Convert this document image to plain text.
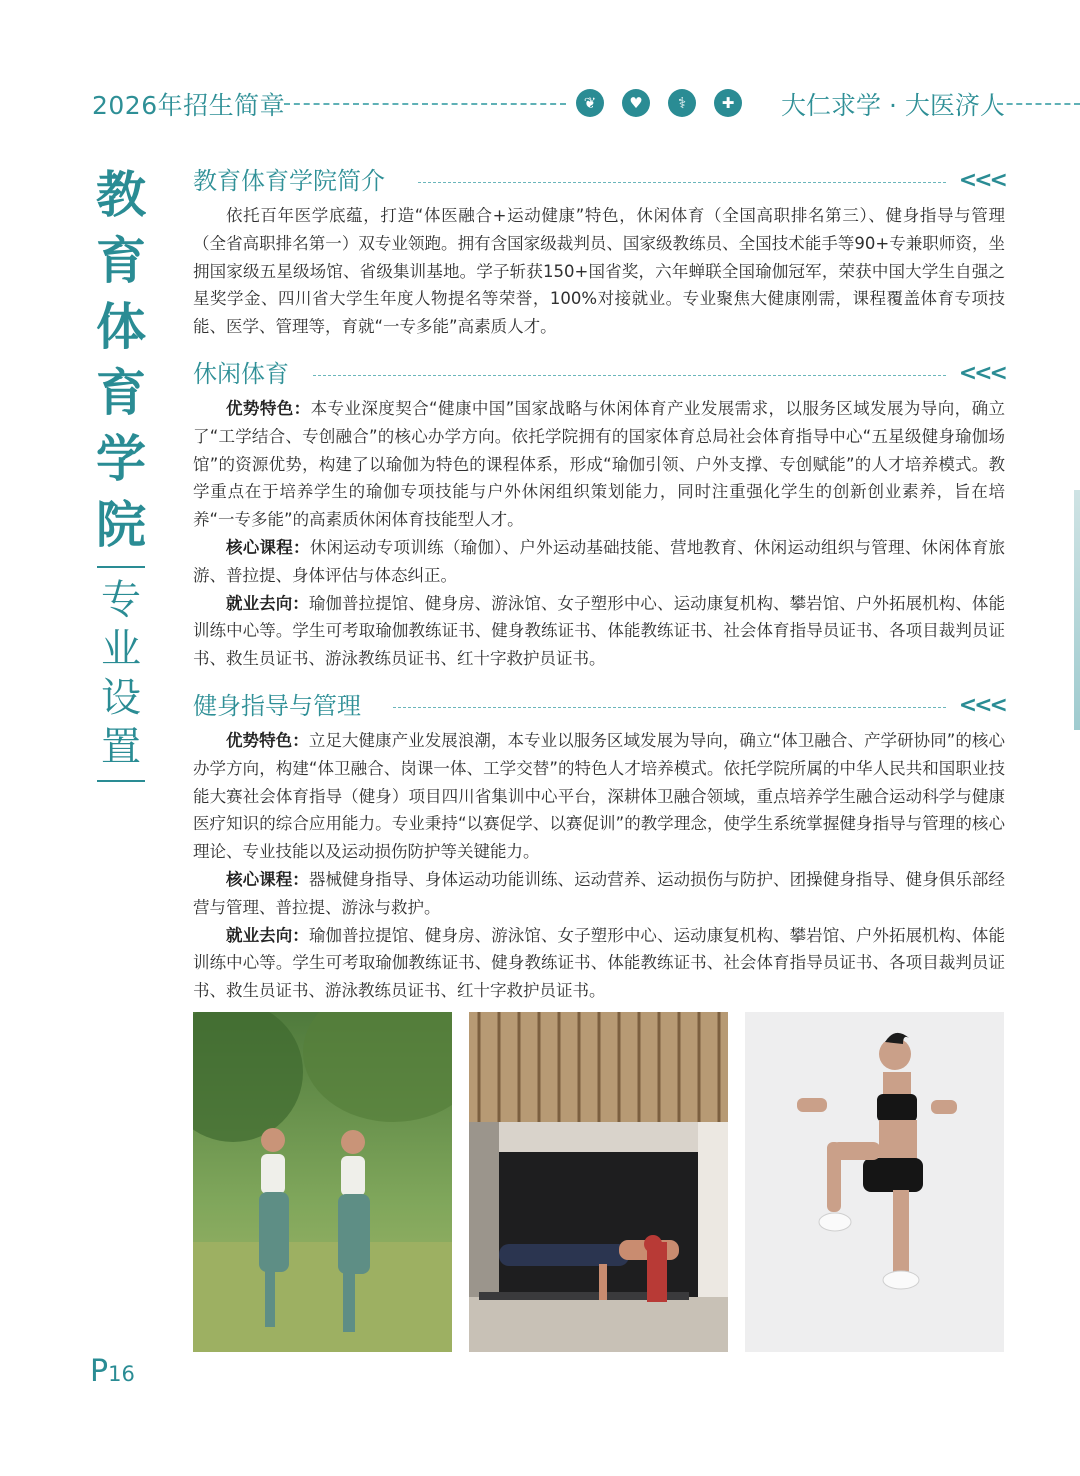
2026年招生简章	❦	♥	⚕	✚	大仁求学 · 大医济人
教育体育学院
专业设置
教育体育学院简介	<<<

依托百年医学底蕴，打造“体医融合+运动健康”特色，休闲体育（全国高职排名第三）、健身指导与管理（全省高职排名第一）双专业领跑。拥有含国家级裁判员、国家级教练员、全国技术能手等90+专兼职师资，坐拥国家级五星级场馆、省级集训基地。学子斩获150+国省奖，六年蝉联全国瑜伽冠军，荣获中国大学生自强之星奖学金、四川省大学生年度人物提名等荣誉，100%对接就业。专业聚焦大健康刚需，课程覆盖体育专项技能、医学、管理等，育就“一专多能”高素质人才。

休闲体育	<<<

优势特色：本专业深度契合“健康中国”国家战略与休闲体育产业发展需求，以服务区域发展为导向，确立了“工学结合、专创融合”的核心办学方向。依托学院拥有的国家体育总局社会体育指导中心“五星级健身瑜伽场馆”的资源优势，构建了以瑜伽为特色的课程体系，形成“瑜伽引领、户外支撑、专创赋能”的人才培养模式。教学重点在于培养学生的瑜伽专项技能与户外休闲组织策划能力，同时注重强化学生的创新创业素养，旨在培养“一专多能”的高素质休闲体育技能型人才。

核心课程：休闲运动专项训练（瑜伽）、户外运动基础技能、营地教育、休闲运动组织与管理、休闲体育旅游、普拉提、身体评估与体态纠正。

就业去向：瑜伽普拉提馆、健身房、游泳馆、女子塑形中心、运动康复机构、攀岩馆、户外拓展机构、体能训练中心等。学生可考取瑜伽教练证书、健身教练证书、体能教练证书、社会体育指导员证书、各项目裁判员证书、救生员证书、游泳教练员证书、红十字救护员证书。

健身指导与管理	<<<

优势特色：立足大健康产业发展浪潮，本专业以服务区域发展为导向，确立“体卫融合、产学研协同”的核心办学方向，构建“体卫融合、岗课一体、工学交替”的特色人才培养模式。依托学院所属的中华人民共和国职业技能大赛社会体育指导（健身）项目四川省集训中心平台，深耕体卫融合领域，重点培养学生融合运动科学与健康医疗知识的综合应用能力。专业秉持“以赛促学、以赛促训”的教学理念，使学生系统掌握健身指导与管理的核心理论、专业技能以及运动损伤防护等关键能力。

核心课程：器械健身指导、身体运动功能训练、运动营养、运动损伤与防护、团操健身指导、健身俱乐部经营与管理、普拉提、游泳与救护。

就业去向：瑜伽普拉提馆、健身房、游泳馆、女子塑形中心、运动康复机构、攀岩馆、户外拓展机构、体能训练中心等。学生可考取瑜伽教练证书、健身教练证书、体能教练证书、社会体育指导员证书、各项目裁判员证书、救生员证书、游泳教练员证书、红十字救护员证书。

P16
